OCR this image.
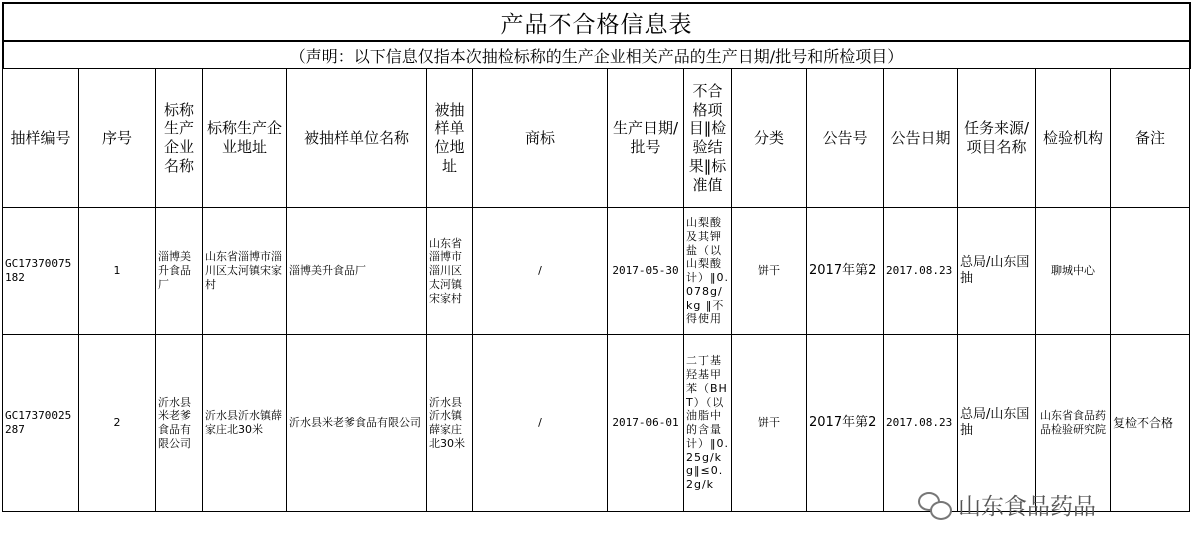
产品不合格信息表
（声明：以下信息仅指本次抽检标称的生产企业相关产品的生产日期/批号和所检项目）
抽样编号	序号	标称生产企业名称	标称生产企业地址	被抽样单位名称	被抽样单位地址	商标	生产日期/批号	不合格项目‖检验结果‖标准值	分类	公告号	公告日期	任务来源/项目名称	检验机构	备注
GC17370075182	1	淄博美升食品厂	山东省淄博市淄川区太河镇宋家村	淄博美升食品厂	山东省淄博市淄川区太河镇宋家村	/	2017-05-30	山梨酸及其钾盐（以山梨酸计）‖0.078g/kg ‖不得使用	饼干	2017年第2	2017.08.23	总局/山东国抽	聊城中心	
GC17370025287	2	沂水县米老爹食品有限公司	沂水县沂水镇薛家庄北30米	沂水县米老爹食品有限公司	沂水县沂水镇薛家庄北30米	/	2017-06-01	二丁基羟基甲苯（BHT）（以油脂中的含量计）‖0.25g/kg‖≤0.2g/k	饼干	2017年第2	2017.08.23	总局/山东国抽	山东省食品药品检验研究院	复检不合格
山东食品药品
